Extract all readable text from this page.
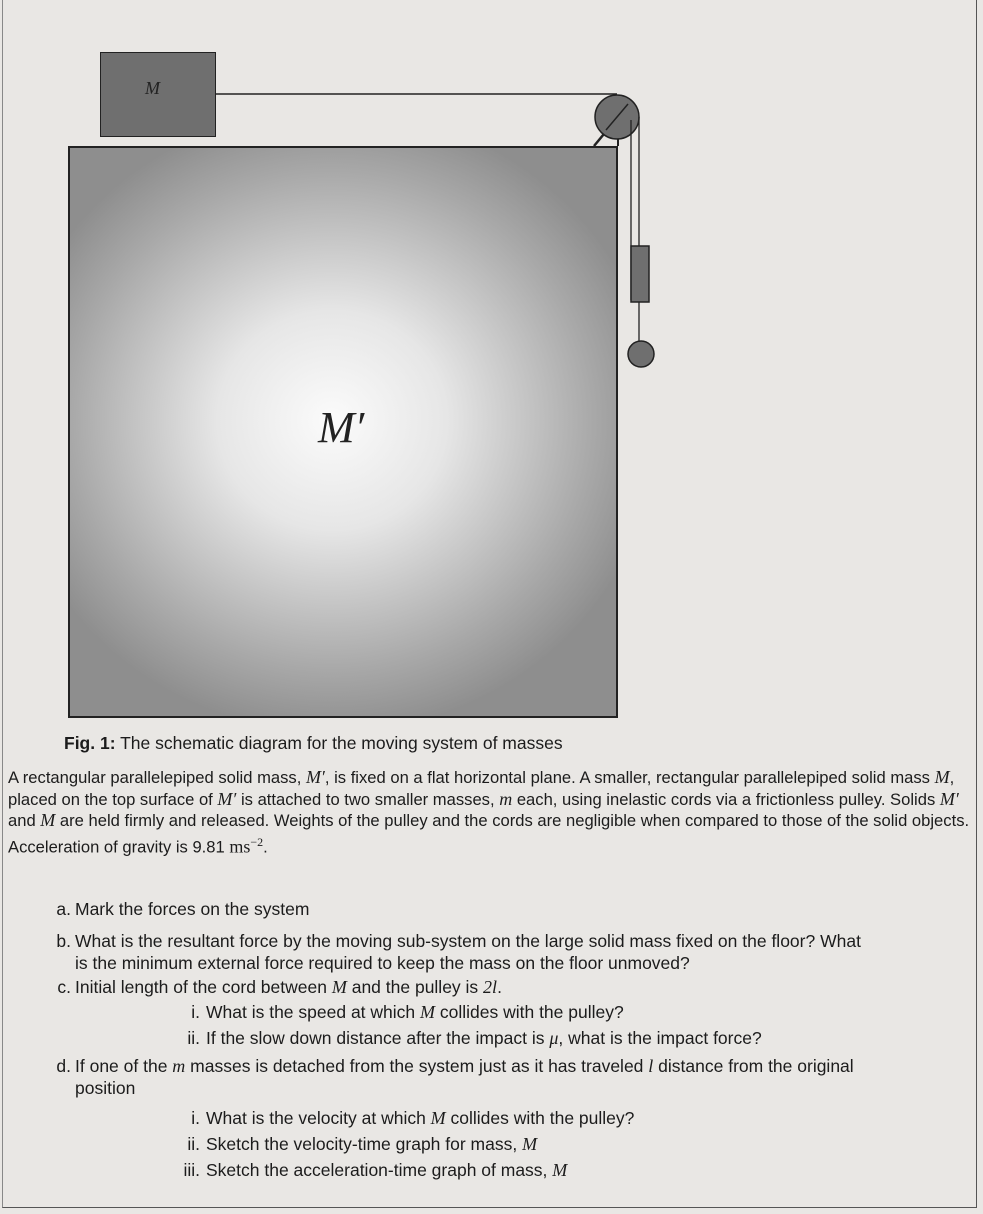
M′
M
Fig. 1: The schematic diagram for the moving system of masses
A rectangular parallelepiped solid mass, M′, is fixed on a flat horizontal plane. A smaller, rectangular parallelepiped solid mass M, placed on the top surface of M′ is attached to two smaller masses, m each, using inelastic cords via a frictionless pulley. Solids M′ and M are held firmly and released. Weights of the pulley and the cords are negligible when compared to those of the solid objects. Acceleration of gravity is 9.81 $ms^{-2}$.
a. Mark the forces on the system
b. What is the resultant force by the moving sub-system on the large solid mass fixed on the floor? What
is the minimum external force required to keep the mass on the floor unmoved?
c. Initial length of the cord between M and the pulley is 2l.
i. What is the speed at which M collides with the pulley?
ii. If the slow down distance after the impact is μ, what is the impact force?
d. If one of the m masses is detached from the system just as it has traveled l distance from the original
position
i. What is the velocity at which M collides with the pulley?
ii. Sketch the velocity-time graph for mass, M
iii. Sketch the acceleration-time graph of mass, M
